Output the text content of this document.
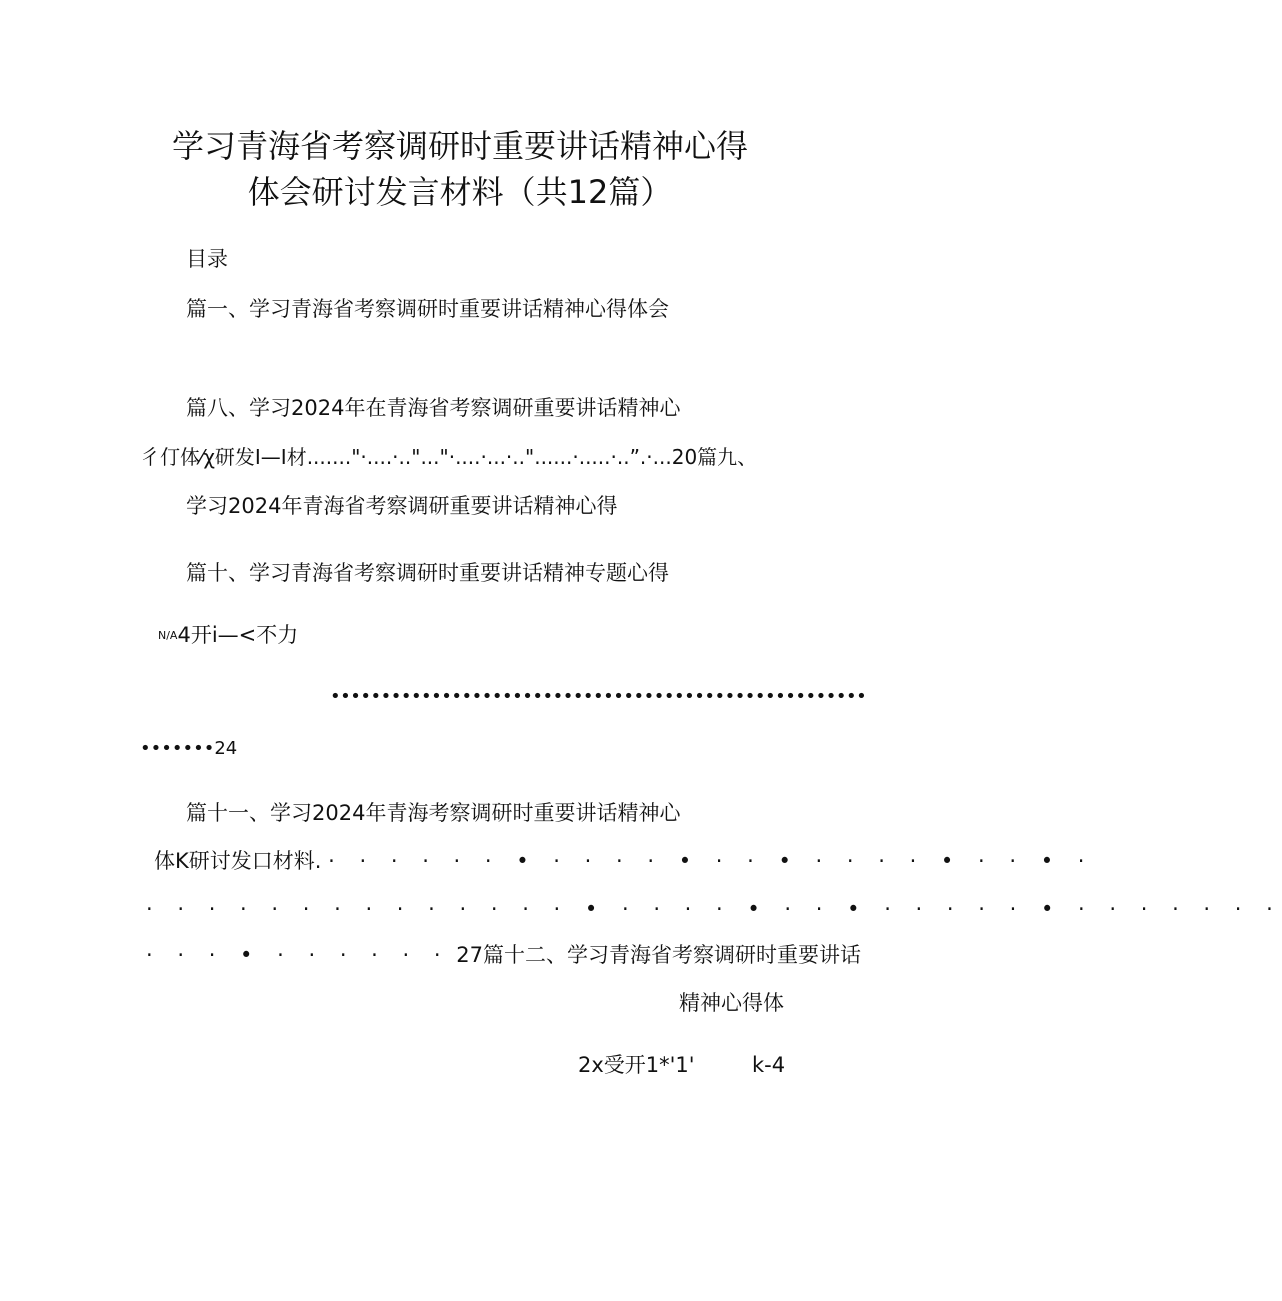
学习青海省考察调研时重要讲话精神心得
体会研讨发言材料（共12篇）
目录
篇一、学习青海省考察调研时重要讲话精神心得体会
篇八、学习2024年在青海省考察调研重要讲话精神心
彳仃体⁄χ研发I—I材......."·....·.."..."·....·...·.."......·.....·..”.·...20篇九、
学习2024年青海省考察调研重要讲话精神心得
篇十、学习青海省考察调研时重要讲话精神专题心得
N/A4开i—<不力
•••••••••••••••••••••••••••••••••••••••••••••••••••••
•••••••24
篇十一、学习2024年青海考察调研时重要讲话精神心
体K研讨发口材料. · · · · · · • · · · · • · · • · · · · • · · • ·
· · · · · · · · · · · · · · • · · · · • · · • · · · · · • · · · · · · ·
· · · • · · · · · · 27篇十二、学习青海省考察调研时重要讲话
精神心得体
2x受开1*'1'	k-4
